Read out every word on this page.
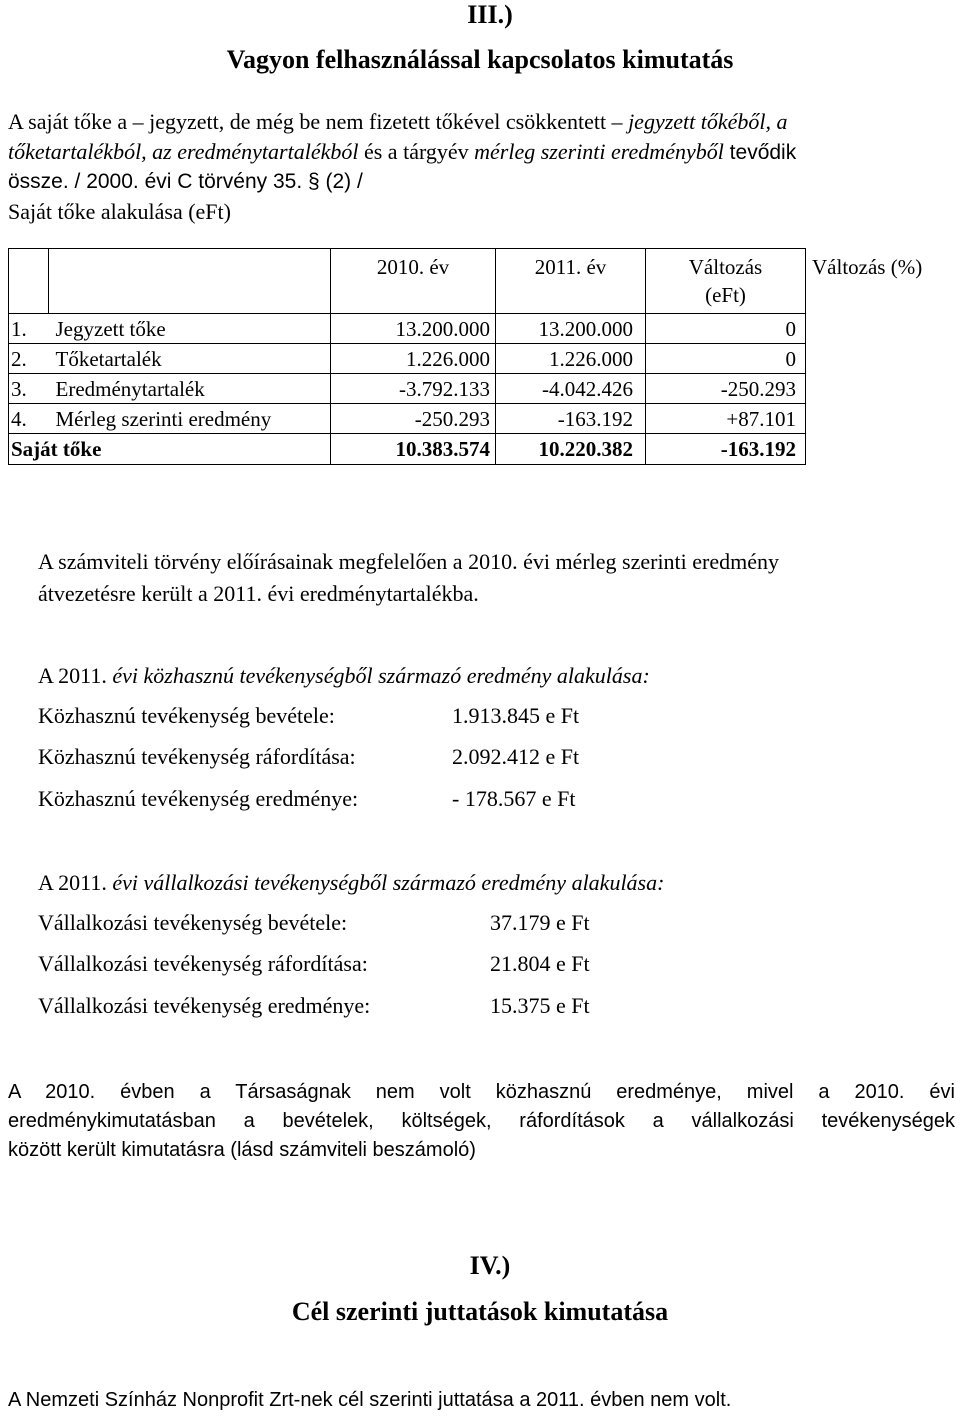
III.)
Vagyon felhasználással kapcsolatos kimutatás
A saját tőke a – jegyzett, de még be nem fizetett tőkével csökkentett – jegyzett tőkéből, a
tőketartalékból, az eredménytartalékból és a tárgyév mérleg szerinti eredményből tevődik
össze. / 2000. évi C törvény 35. § (2) /
Saját tőke alakulása (eFt)
		2010. év	2011. év	Változás (eFt)	Változás (%)
1.	Jegyzett tőke	13.200.000	13.200.000	0	
2.	Tőketartalék	1.226.000	1.226.000	0	
3.	Eredménytartalék	-3.792.133	-4.042.426	-250.293	
4.	Mérleg szerinti eredmény	-250.293	-163.192	+87.101	
Saját tőke		10.383.574	10.220.382	-163.192	
A számviteli törvény előírásainak megfelelően a 2010. évi mérleg szerinti eredmény
átvezetésre került a 2011. évi eredménytartalékba.
A 2011. évi közhasznú tevékenységből származó eredmény alakulása:
Közhasznú tevékenység bevétele:	1.913.845 e Ft
Közhasznú tevékenység ráfordítása:	2.092.412 e Ft
Közhasznú tevékenység eredménye:	- 178.567 e Ft
A 2011. évi vállalkozási tevékenységből származó eredmény alakulása:
Vállalkozási tevékenység bevétele:	37.179 e Ft
Vállalkozási tevékenység ráfordítása:	21.804 e Ft
Vállalkozási tevékenység eredménye:	15.375 e Ft
A 2010. évben a Társaságnak nem volt közhasznú eredménye, mivel a 2010. évi
eredménykimutatásban a bevételek, költségek, ráfordítások a vállalkozási tevékenységek
között került kimutatásra (lásd számviteli beszámoló)
IV.)
Cél szerinti juttatások kimutatása
A Nemzeti Színház Nonprofit Zrt-nek cél szerinti juttatása a 2011. évben nem volt.
